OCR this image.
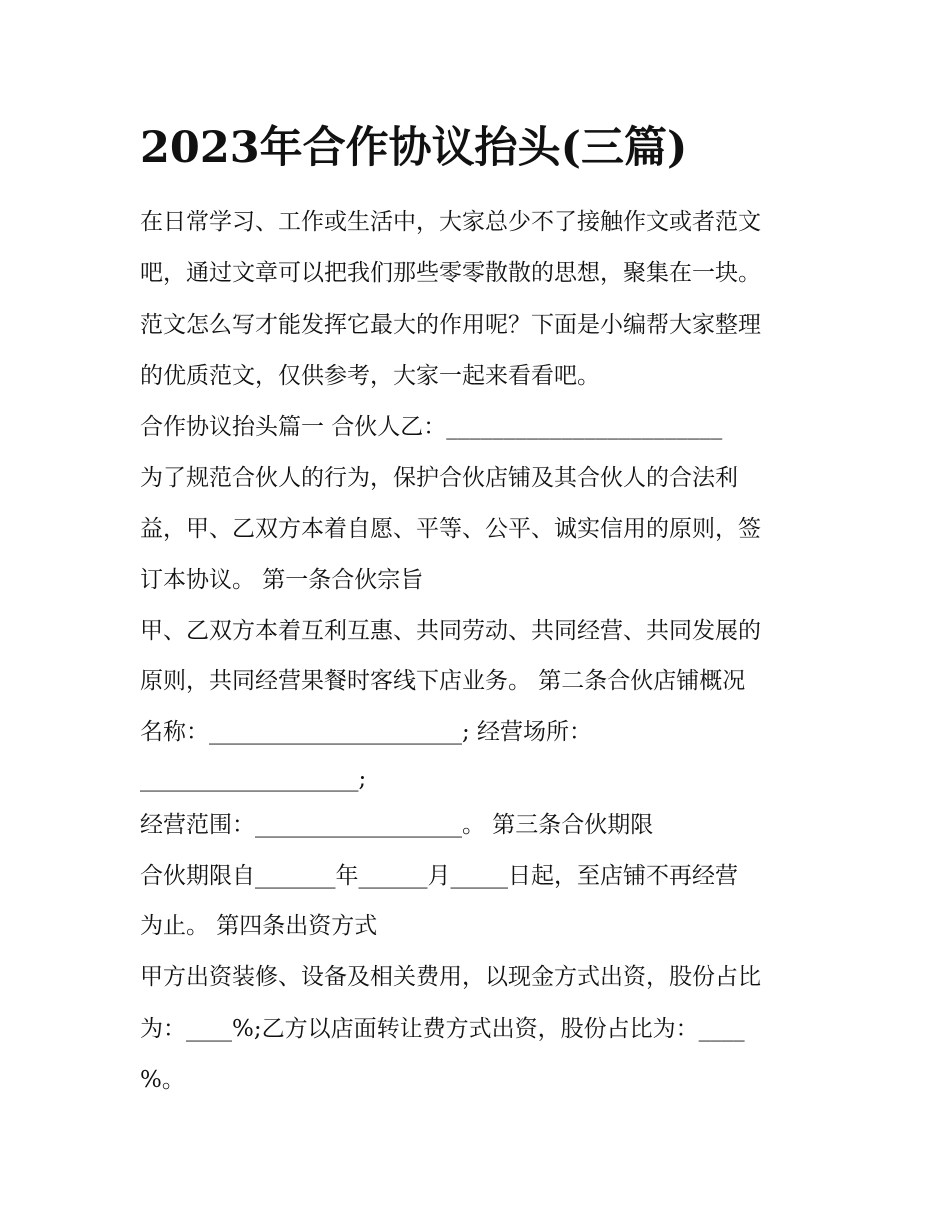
2023年合作协议抬头(三篇)
在日常学习、工作或生活中，大家总少不了接触作文或者范文
吧，通过文章可以把我们那些零零散散的思想，聚集在一块。
范文怎么写才能发挥它最大的作用呢？下面是小编帮大家整理
的优质范文，仅供参考，大家一起来看看吧。
合作协议抬头篇一 合伙人乙：________________________
为了规范合伙人的行为，保护合伙店铺及其合伙人的合法利
益，甲、乙双方本着自愿、平等、公平、诚实信用的原则，签
订本协议。 第一条合伙宗旨
甲、乙双方本着互利互惠、共同劳动、共同经营、共同发展的
原则，共同经营果餐时客线下店业务。 第二条合伙店铺概况
名称：______________________; 经营场所：
___________________;
经营范围：__________________。 第三条合伙期限
合伙期限自_______年______月_____日起，至店铺不再经营
为止。 第四条出资方式
甲方出资装修、设备及相关费用，以现金方式出资，股份占比
为：____%;乙方以店面转让费方式出资，股份占比为：____
%。
